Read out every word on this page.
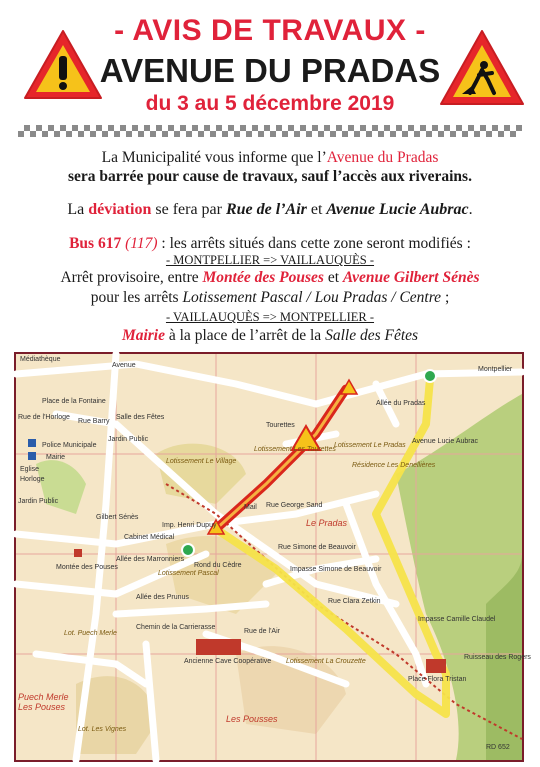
- AVIS DE TRAVAUX -
AVENUE DU PRADAS
du 3 au 5 décembre 2019
La Municipalité vous informe que l’Avenue du Pradas
sera barrée pour cause de travaux, sauf l’accès aux riverains.
La déviation se fera par Rue de l’Air et Avenue Lucie Aubrac.
Bus 617 (117) : les arrêts situés dans cette zone seront modifiés :
- MONTPELLIER => VAILLAUQUÈS -
Arrêt provisoire, entre Montée des Pouses et Avenue Gilbert Sénès
pour les arrêts Lotissement Pascal / Lou Pradas / Centre ;
- VAILLAUQUÈS => MONTPELLIER -
Mairie à la place de l’arrêt de la Salle des Fêtes
Médiathèque
Avenue
Place de la Fontaine
Rue Barry
Rue de l'Horloge	Salle des Fêtes
Jardin Public
Police Municipale
Mairie
Eglise
Horloge
Jardin Public
Lotissement Le Village
Lotissement Les Tourettes
Tourettes
Lotissement Le Pradas
Résidence Les Denellières
Le Pradas
Mail Rue George Sand
Cabinet Médical
Imp. Henri Dupuy
Lotissement Pascal
Rond du Cèdre
Impasse Simone de Beauvoir
Rue Simone de Beauvoir
Rue Clara Zetkin
Allée des Marronniers
Allée des Prunus
Chemin de la Carrierasse
Montée des Pouses
Gilbert Sénès
Lot. Puech Merle
Ancienne Cave Coopérative Lotissement La Crouzette
Rue de l'Air
Puech Merle
Les Pouses
Les Pousses
Lot. Les Vignes
Place Flora Tristan
Impasse Camille Claudel
Ruisseau des Rogers
Montpellier
Avenue Lucie Aubrac
Allée du Pradas
RD 652
